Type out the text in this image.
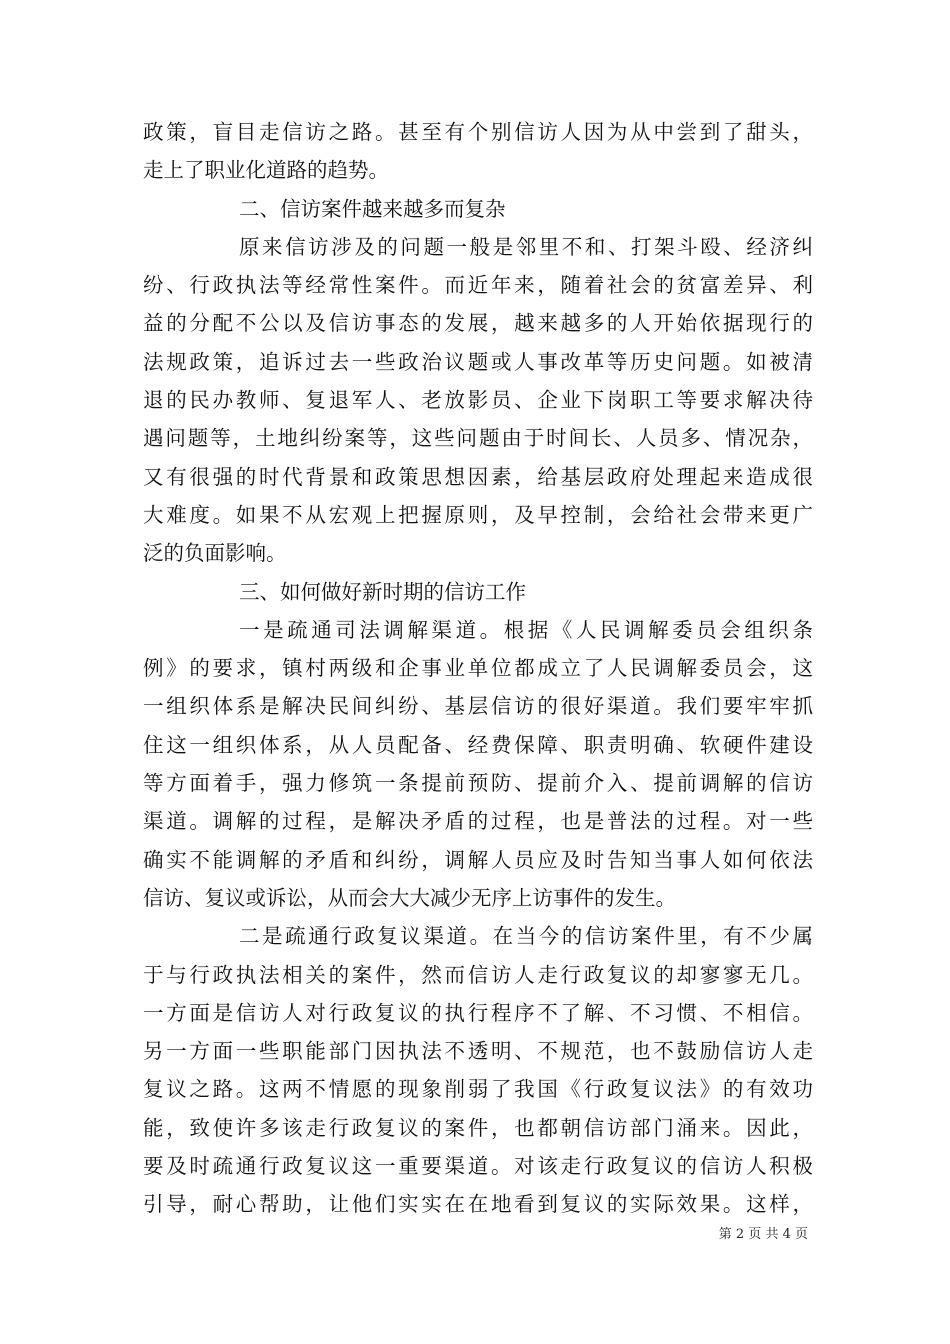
政策，盲目走信访之路。甚至有个别信访人因为从中尝到了甜头，
走上了职业化道路的趋势。
二、信访案件越来越多而复杂
原来信访涉及的问题一般是邻里不和、打架斗殴、经济纠
纷、行政执法等经常性案件。而近年来，随着社会的贫富差异、利
益的分配不公以及信访事态的发展，越来越多的人开始依据现行的
法规政策，追诉过去一些政治议题或人事改革等历史问题。如被清
退的民办教师、复退军人、老放影员、企业下岗职工等要求解决待
遇问题等，土地纠纷案等，这些问题由于时间长、人员多、情况杂，
又有很强的时代背景和政策思想因素，给基层政府处理起来造成很
大难度。如果不从宏观上把握原则，及早控制，会给社会带来更广
泛的负面影响。
三、如何做好新时期的信访工作
一是疏通司法调解渠道。根据《人民调解委员会组织条
例》的要求，镇村两级和企事业单位都成立了人民调解委员会，这
一组织体系是解决民间纠纷、基层信访的很好渠道。我们要牢牢抓
住这一组织体系，从人员配备、经费保障、职责明确、软硬件建设
等方面着手，强力修筑一条提前预防、提前介入、提前调解的信访
渠道。调解的过程，是解决矛盾的过程，也是普法的过程。对一些
确实不能调解的矛盾和纠纷，调解人员应及时告知当事人如何依法
信访、复议或诉讼，从而会大大减少无序上访事件的发生。
二是疏通行政复议渠道。在当今的信访案件里，有不少属
于与行政执法相关的案件，然而信访人走行政复议的却寥寥无几。
一方面是信访人对行政复议的执行程序不了解、不习惯、不相信。
另一方面一些职能部门因执法不透明、不规范，也不鼓励信访人走
复议之路。这两不情愿的现象削弱了我国《行政复议法》的有效功
能，致使许多该走行政复议的案件，也都朝信访部门涌来。因此，
要及时疏通行政复议这一重要渠道。对该走行政复议的信访人积极
引导，耐心帮助，让他们实实在在地看到复议的实际效果。这样，
第 2 页 共 4 页
